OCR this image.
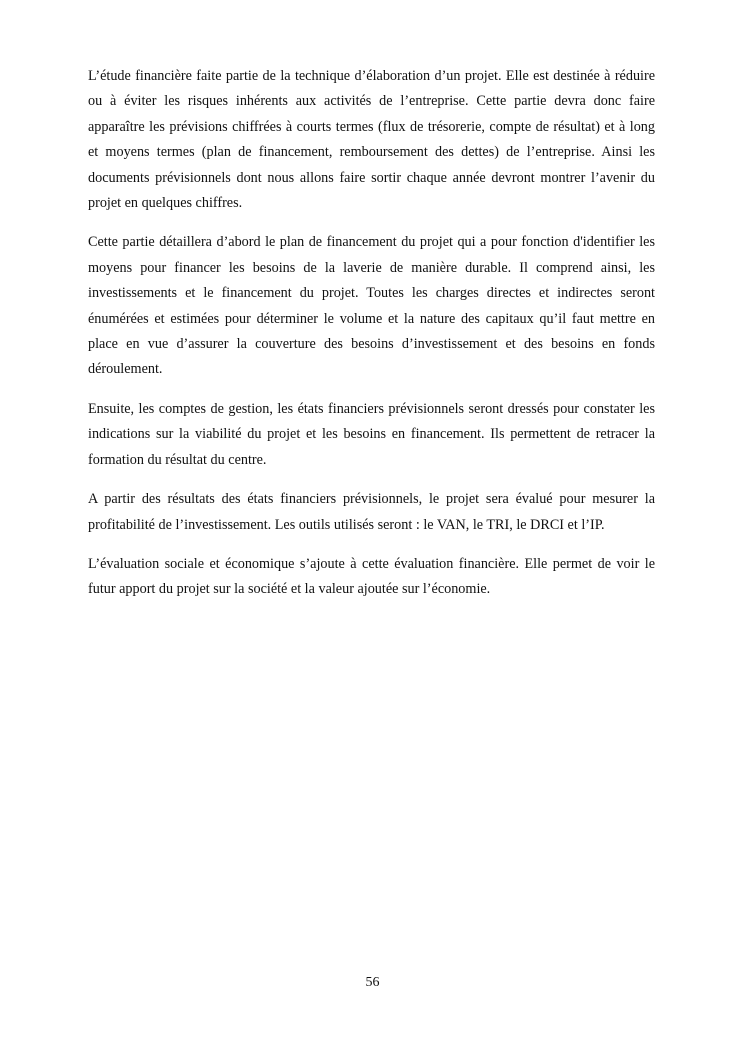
L’étude financière faite partie de la technique d’élaboration d’un projet. Elle est destinée à réduire ou à éviter les risques inhérents aux activités de l’entreprise. Cette partie devra donc faire apparaître les prévisions chiffrées à courts termes (flux de trésorerie, compte de résultat) et à long et moyens termes (plan de financement, remboursement des dettes) de l’entreprise. Ainsi les documents prévisionnels dont nous allons faire sortir chaque année devront montrer l’avenir du projet en quelques chiffres.

Cette partie détaillera d’abord le plan de financement du projet qui a pour fonction d'identifier les moyens pour financer les besoins de la laverie de manière durable. Il comprend ainsi, les investissements et le financement du projet. Toutes les charges directes et indirectes seront énumérées et estimées pour déterminer le volume et la nature des capitaux qu’il faut mettre en place en vue d’assurer la couverture des besoins d’investissement et des besoins en fonds déroulement.

Ensuite, les comptes de gestion, les états financiers prévisionnels seront dressés pour constater les indications sur la viabilité du projet et les besoins en financement. Ils permettent de retracer la formation du résultat du centre.

A partir des résultats des états financiers prévisionnels, le projet sera évalué pour mesurer la profitabilité de l’investissement. Les outils utilisés seront : le VAN, le TRI, le DRCI et l’IP.

L’évaluation sociale et économique s’ajoute à cette évaluation financière. Elle permet de voir le futur apport du projet sur la société et la valeur ajoutée sur l’économie.

56
